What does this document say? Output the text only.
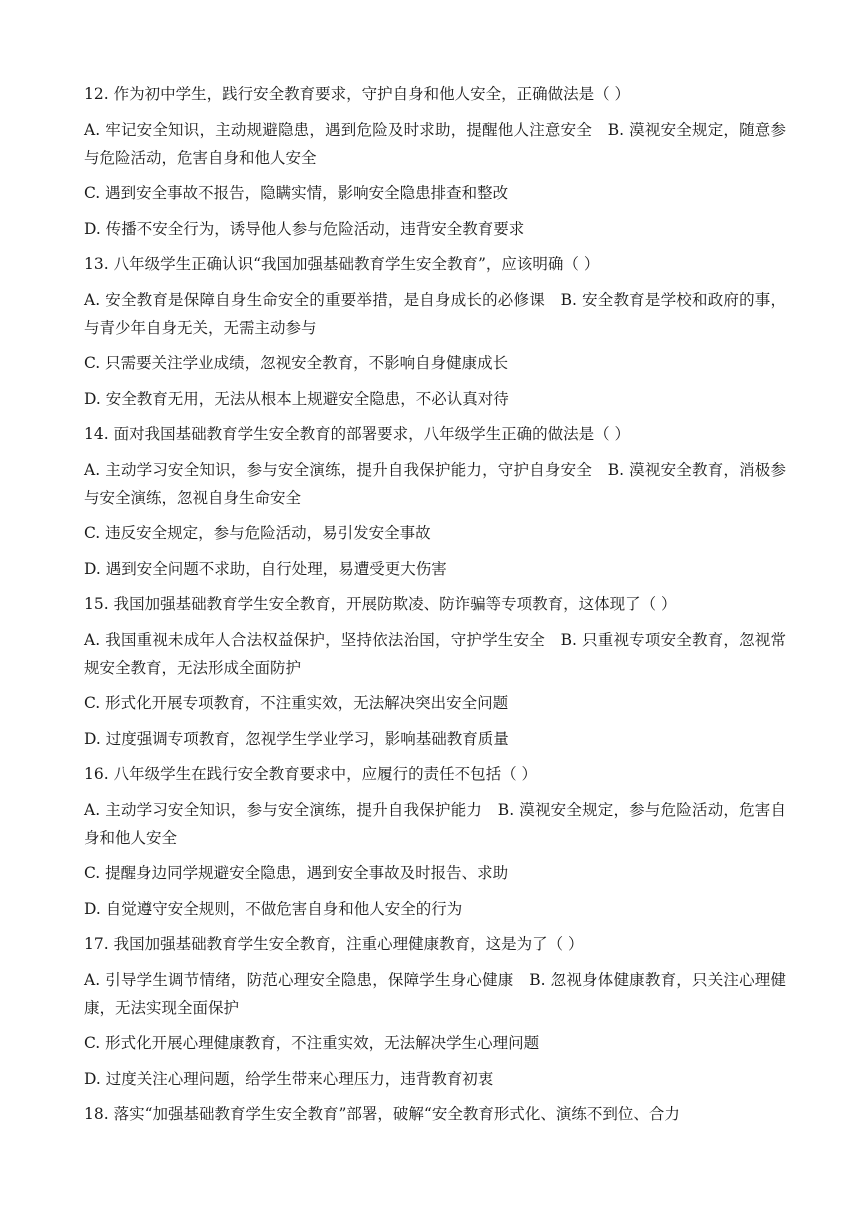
12. 作为初中学生，践行安全教育要求，守护自身和他人安全，正确做法是（ ）

A. 牢记安全知识，主动规避隐患，遇到危险及时求助，提醒他人注意安全　B. 漠视安全规定，随意参与危险活动，危害自身和他人安全

C. 遇到安全事故不报告，隐瞒实情，影响安全隐患排查和整改

D. 传播不安全行为，诱导他人参与危险活动，违背安全教育要求

13. 八年级学生正确认识“我国加强基础教育学生安全教育”，应该明确（ ）

A. 安全教育是保障自身生命安全的重要举措，是自身成长的必修课　B. 安全教育是学校和政府的事，与青少年自身无关，无需主动参与

C. 只需要关注学业成绩，忽视安全教育，不影响自身健康成长

D. 安全教育无用，无法从根本上规避安全隐患，不必认真对待

14. 面对我国基础教育学生安全教育的部署要求，八年级学生正确的做法是（ ）

A. 主动学习安全知识，参与安全演练，提升自我保护能力，守护自身安全　B. 漠视安全教育，消极参与安全演练，忽视自身生命安全

C. 违反安全规定，参与危险活动，易引发安全事故

D. 遇到安全问题不求助，自行处理，易遭受更大伤害

15. 我国加强基础教育学生安全教育，开展防欺凌、防诈骗等专项教育，这体现了（ ）

A. 我国重视未成年人合法权益保护，坚持依法治国，守护学生安全　B. 只重视专项安全教育，忽视常规安全教育，无法形成全面防护

C. 形式化开展专项教育，不注重实效，无法解决突出安全问题

D. 过度强调专项教育，忽视学生学业学习，影响基础教育质量

16. 八年级学生在践行安全教育要求中，应履行的责任不包括（ ）

A. 主动学习安全知识，参与安全演练，提升自我保护能力　B. 漠视安全规定，参与危险活动，危害自身和他人安全

C. 提醒身边同学规避安全隐患，遇到安全事故及时报告、求助

D. 自觉遵守安全规则，不做危害自身和他人安全的行为

17. 我国加强基础教育学生安全教育，注重心理健康教育，这是为了（ ）

A. 引导学生调节情绪，防范心理安全隐患，保障学生身心健康　B. 忽视身体健康教育，只关注心理健康，无法实现全面保护

C. 形式化开展心理健康教育，不注重实效，无法解决学生心理问题

D. 过度关注心理问题，给学生带来心理压力，违背教育初衷

18. 落实“加强基础教育学生安全教育”部署，破解“安全教育形式化、演练不到位、合力
